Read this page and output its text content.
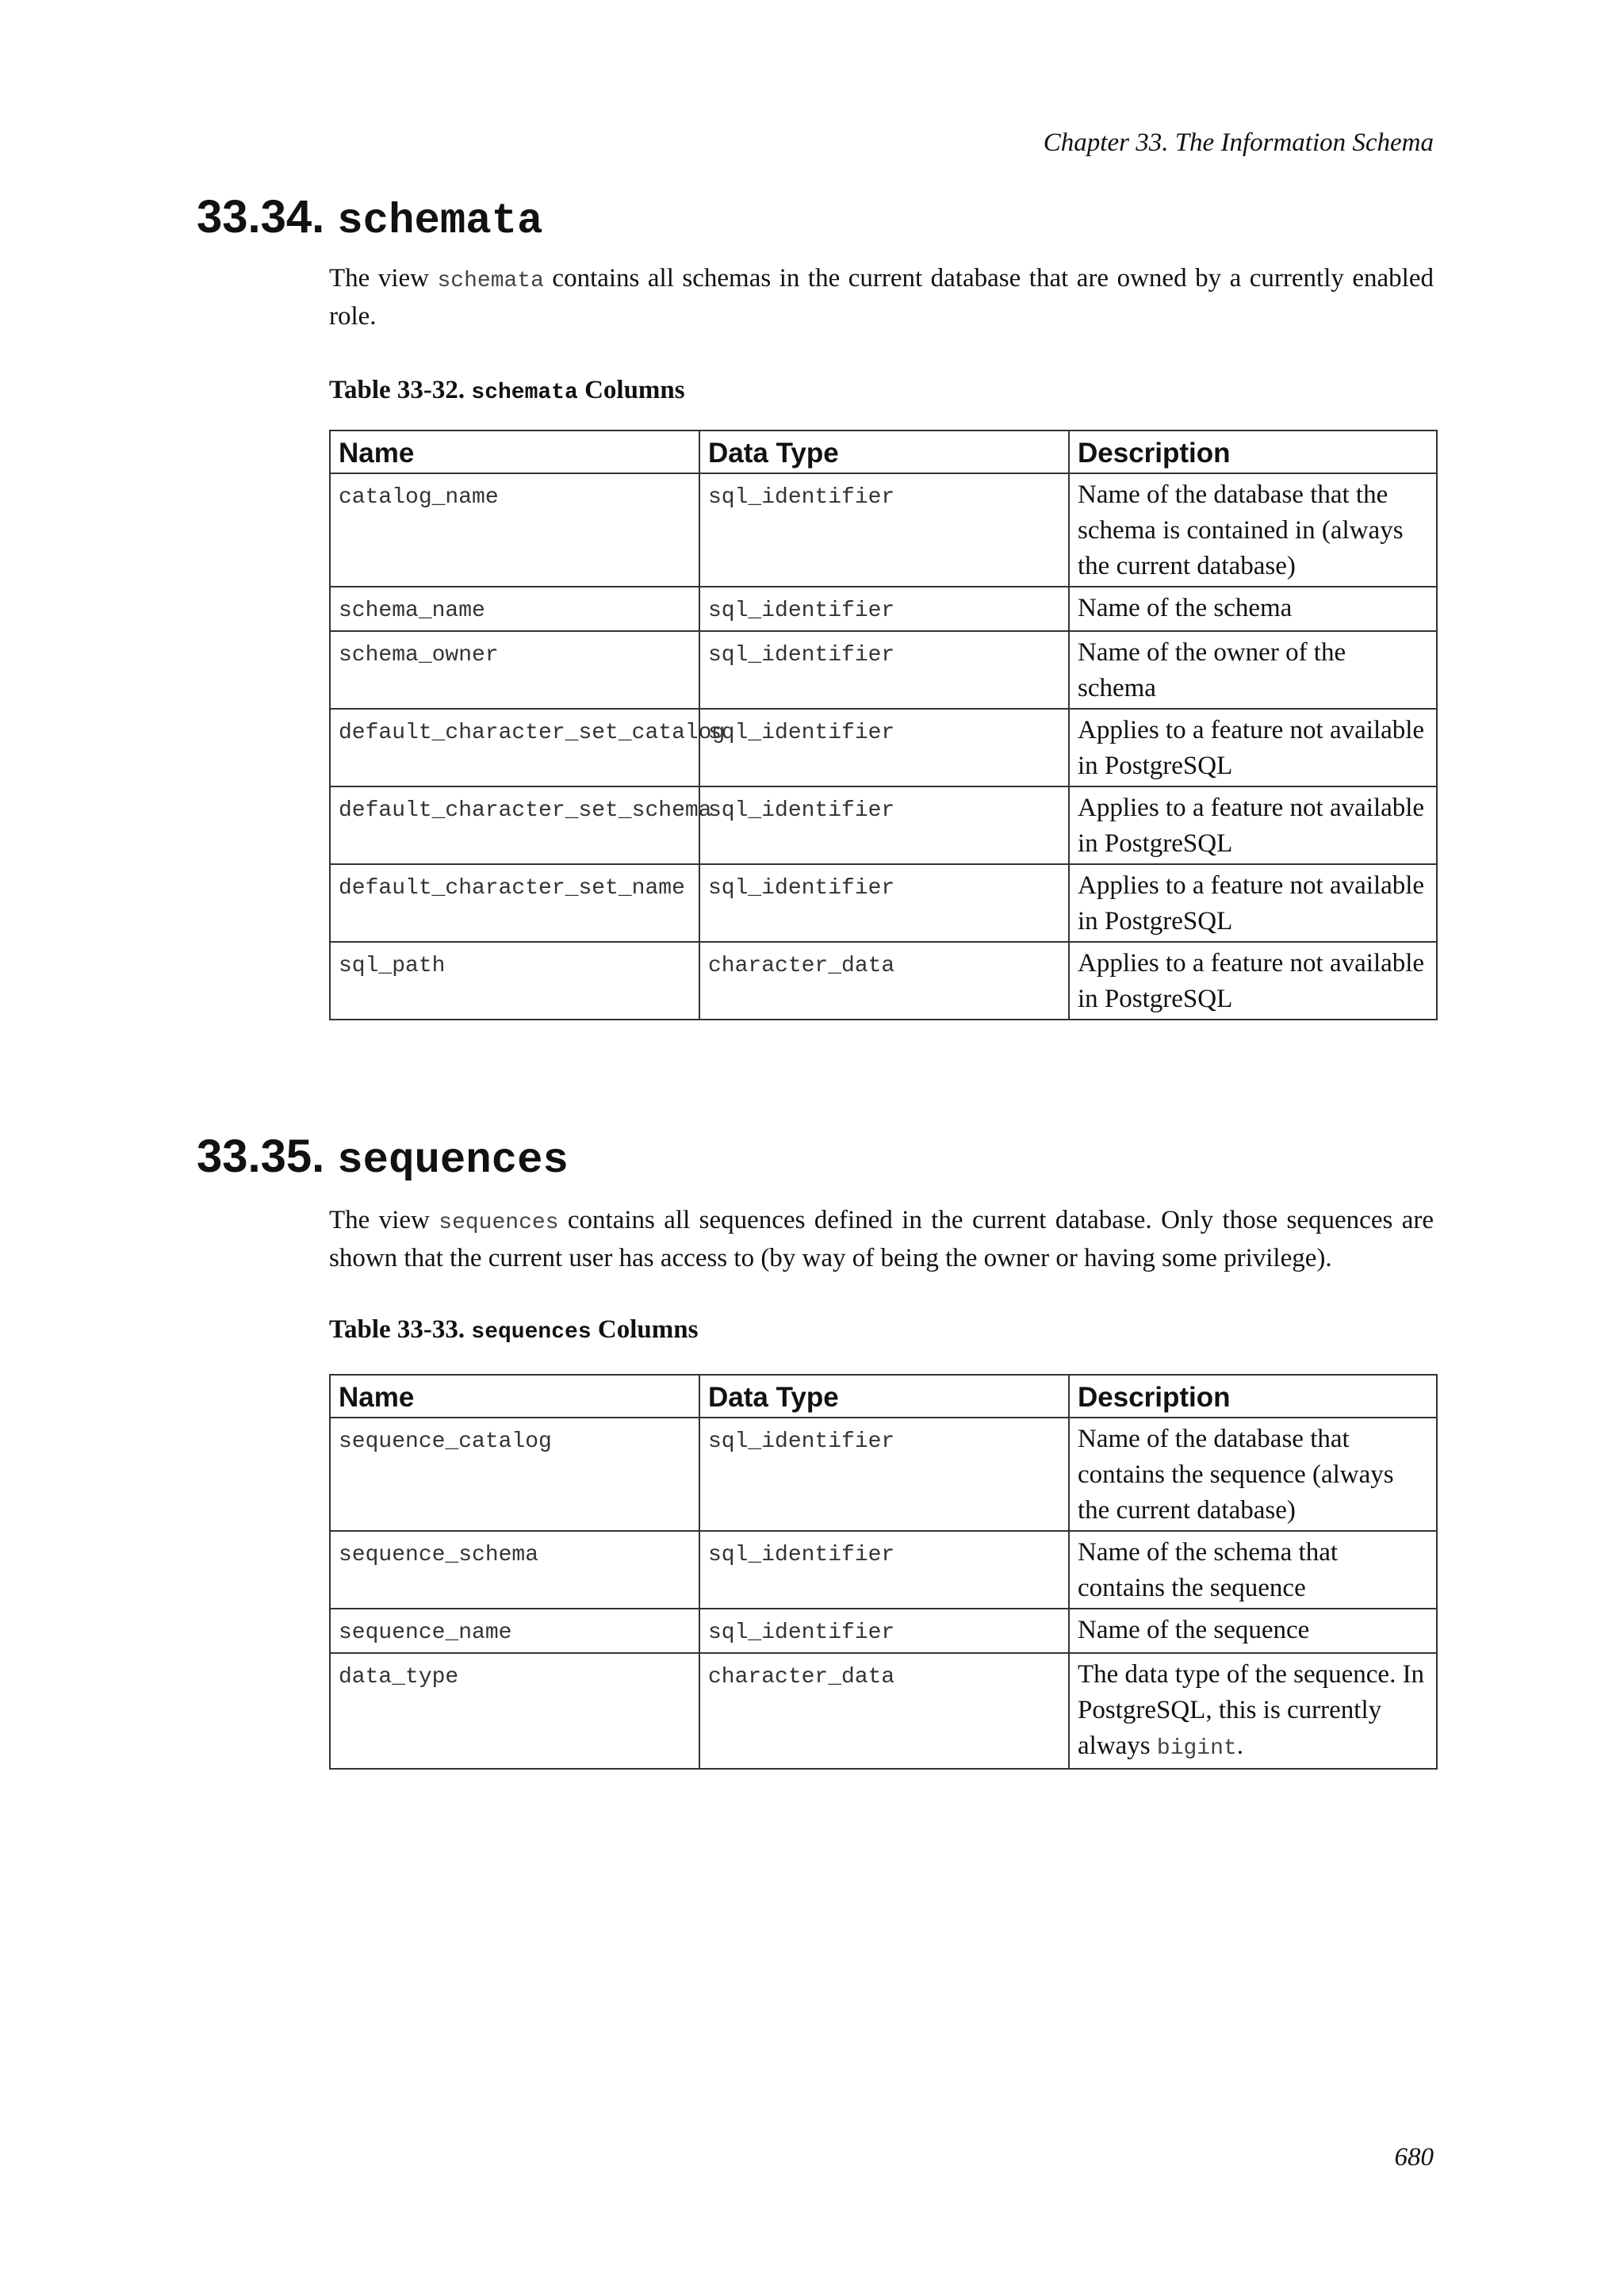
Chapter 33. The Information Schema
33.34. schemata

The view schemata contains all schemas in the current database that are owned by a currently enabled role.

Table 33-32. schemata Columns

Name	Data Type	Description
catalog_name	sql_identifier	Name of the database that the schema is contained in (always the current database)
schema_name	sql_identifier	Name of the schema
schema_owner	sql_identifier	Name of the owner of the schema
default_character_set_catalog	sql_identifier	Applies to a feature not available in PostgreSQL
default_character_set_schema	sql_identifier	Applies to a feature not available in PostgreSQL
default_character_set_name	sql_identifier	Applies to a feature not available in PostgreSQL
sql_path	character_data	Applies to a feature not available in PostgreSQL
33.35. sequences

The view sequences contains all sequences defined in the current database. Only those sequences are shown that the current user has access to (by way of being the owner or having some privilege).

Table 33-33. sequences Columns

Name	Data Type	Description
sequence_catalog	sql_identifier	Name of the database that contains the sequence (always the current database)
sequence_schema	sql_identifier	Name of the schema that contains the sequence
sequence_name	sql_identifier	Name of the sequence
data_type	character_data	The data type of the sequence. In PostgreSQL, this is currently always bigint.
680
